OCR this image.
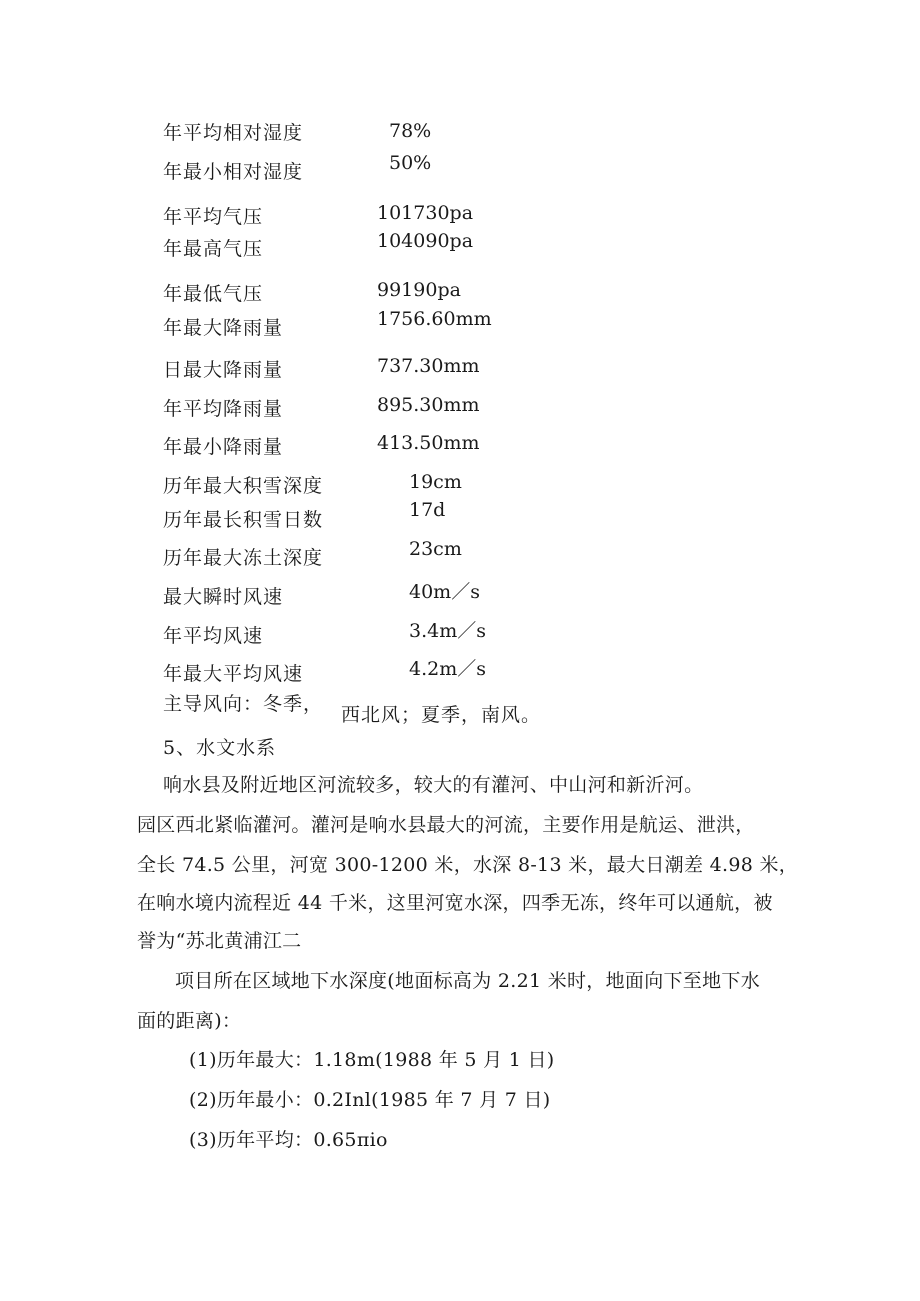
年平均相对湿度	78%
年最小相对湿度	50%
年平均气压	101730pa
年最高气压	104090pa
年最低气压	99190pa
年最大降雨量	1756.60mm
日最大降雨量	737.30mm
年平均降雨量	895.30mm
年最小降雨量	413.50mm
历年最大积雪深度	19cm
历年最长积雪日数	17d
历年最大冻土深度	23cm
最大瞬时风速	40m／s
年平均风速	3.4m／s
年最大平均风速	4.2m／s
主导风向：冬季， 西北风；夏季，南风。
5、水文水系
响水县及附近地区河流较多，较大的有灌河、中山河和新沂河。
园区西北紧临灌河。灌河是响水县最大的河流，主要作用是航运、泄洪，
全长 74.5 公里，河宽 300-1200 米，水深 8-13 米，最大日潮差 4.98 米，
在响水境内流程近 44 千米，这里河宽水深，四季无冻，终年可以通航，被
誉为“苏北黄浦江二
项目所在区域地下水深度(地面标高为 2.21 米时，地面向下至地下水
面的距离)：
(1)历年最大：1.18m(1988 年 5 月 1 日)
(2)历年最小：0.2Inl(1985 年 7 月 7 日)
(3)历年平均：0.65πio
